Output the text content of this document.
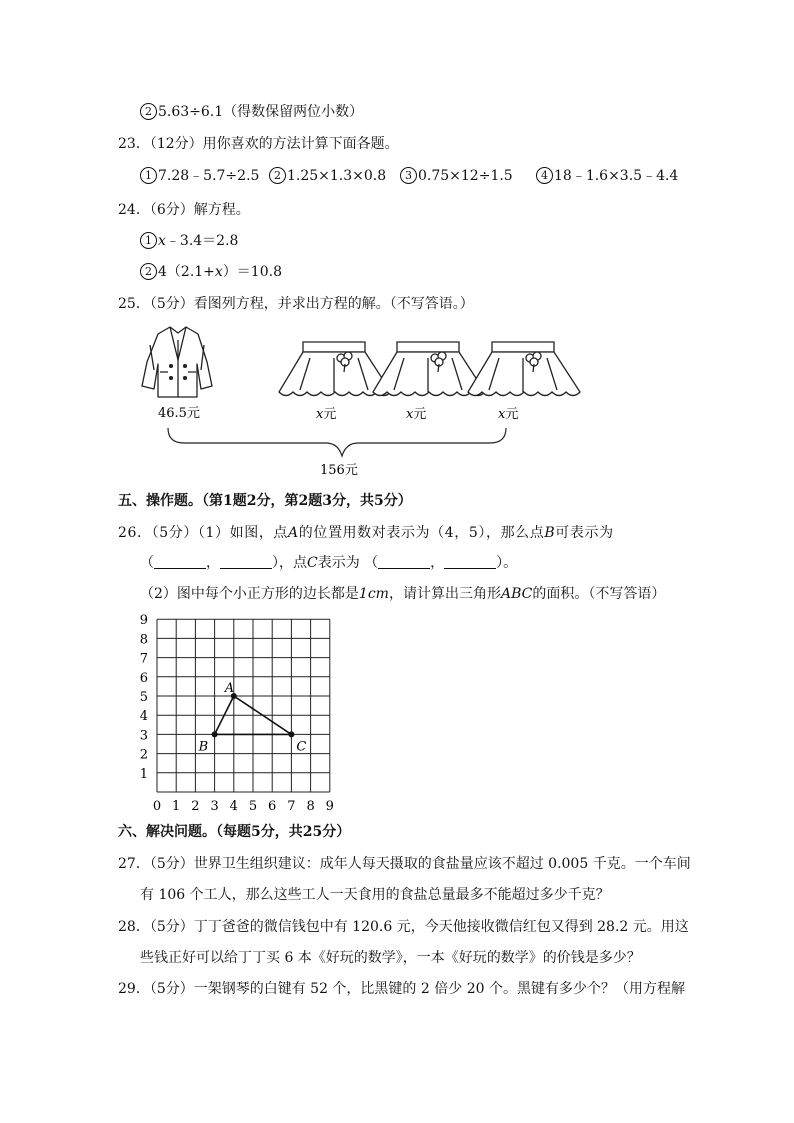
2 5.63÷6.1（得数保留两位小数）
23．（12分）用你喜欢的方法计算下面各题。
1 7.28﹣5.7÷2.5 2 1.25×1.3×0.8 3 0.75×12÷1.5	4 18﹣1.6×3.5﹣4.4
24．（6分）解方程。
1 x﹣3.4＝2.8
2 4（2.1+x）＝10.8
25．（5分）看图列方程，并求出方程的解。（不写答语。）
46.5元	x元	x元	x元
156元
五、操作题。（第1题2分，第2题3分，共5分）
26．（5分）（1）如图，点A的位置用数对表示为（4，5），那么点B可表示为
（	，	），点C表示为 （	，	）。
（2）图中每个小正方形的边长都是1cm，请计算出三角形ABC的面积。（不写答语）
0 1 2 3 4 5 6 7 8 9
9
8
7
6
5
4
3
2
1
A
B	C
六、解决问题。（每题5分，共25分）
27．（5分）世界卫生组织建议：成年人每天摄取的食盐量应该不超过 0.005 千克。一个车间
有 106 个工人，那么这些工人一天食用的食盐总量最多不能超过多少千克？
28．（5分）丁丁爸爸的微信钱包中有 120.6 元，今天他接收微信红包又得到 28.2 元。用这
些钱正好可以给丁丁买 6 本《好玩的数学》，一本《好玩的数学》的价钱是多少？
29．（5分）一架钢琴的白键有 52 个，比黑键的 2 倍少 20 个。黑键有多少个？（用方程解
